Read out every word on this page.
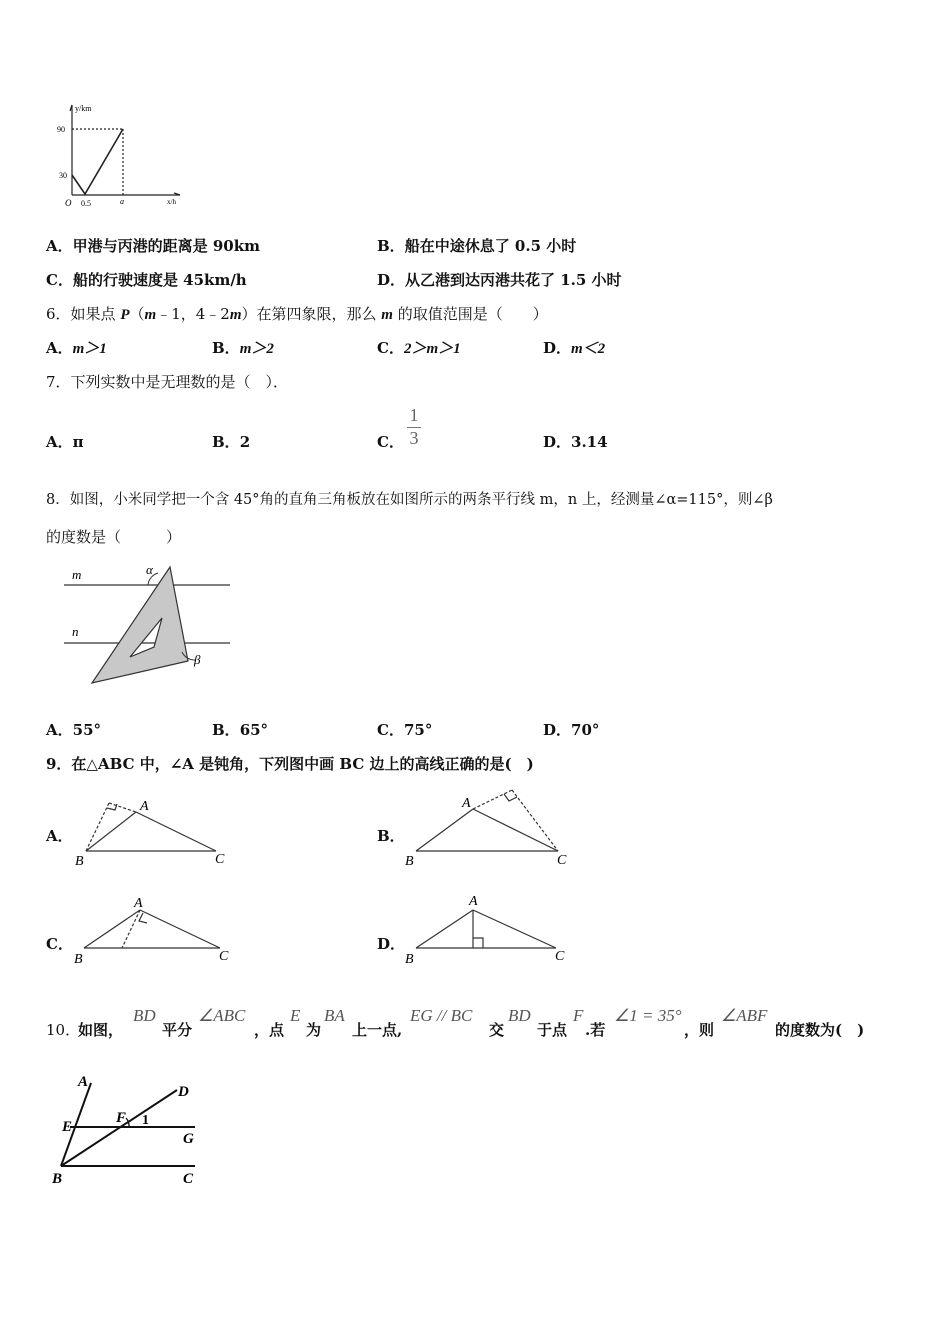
y/km
90
30
O 0.5	a	x/h
A．甲港与丙港的距离是 90km	B．船在中途休息了 0.5 小时
C．船的行驶速度是 45km/h	D．从乙港到达丙港共花了 1.5 小时
6．如果点 P（m﹣1，4﹣2m）在第四象限，那么 m 的取值范围是（　　）
A．m＞1	B．m＞2	C．2＞m＞1	D．m＜2
7．下列实数中是无理数的是（　）．
A．π	B．2	C．
1
3	D．3.14
8．如图，小米同学把一个含 45°角的直角三角板放在如图所示的两条平行线 m，n 上，经测量∠α=115°，则∠β
的度数是（　　　）
m
n
α
β
A．55°	B．65°	C．75°	D．70°
9．在△ABC 中，∠A 是钝角，下列图中画 BC 边上的高线正确的是(　)
A．
A
B	C
B．
A
B	C
C．
A
B	C
D．
A
B	C
10．
如图，
BD
平分
∠ABC
，点
E
为
BA
上一点,
EG // BC
交
BD
于点
F
.若
∠1 = 35°
，则
∠ABF
的度数为(　)
A
D
E
F
G
B	C
1
